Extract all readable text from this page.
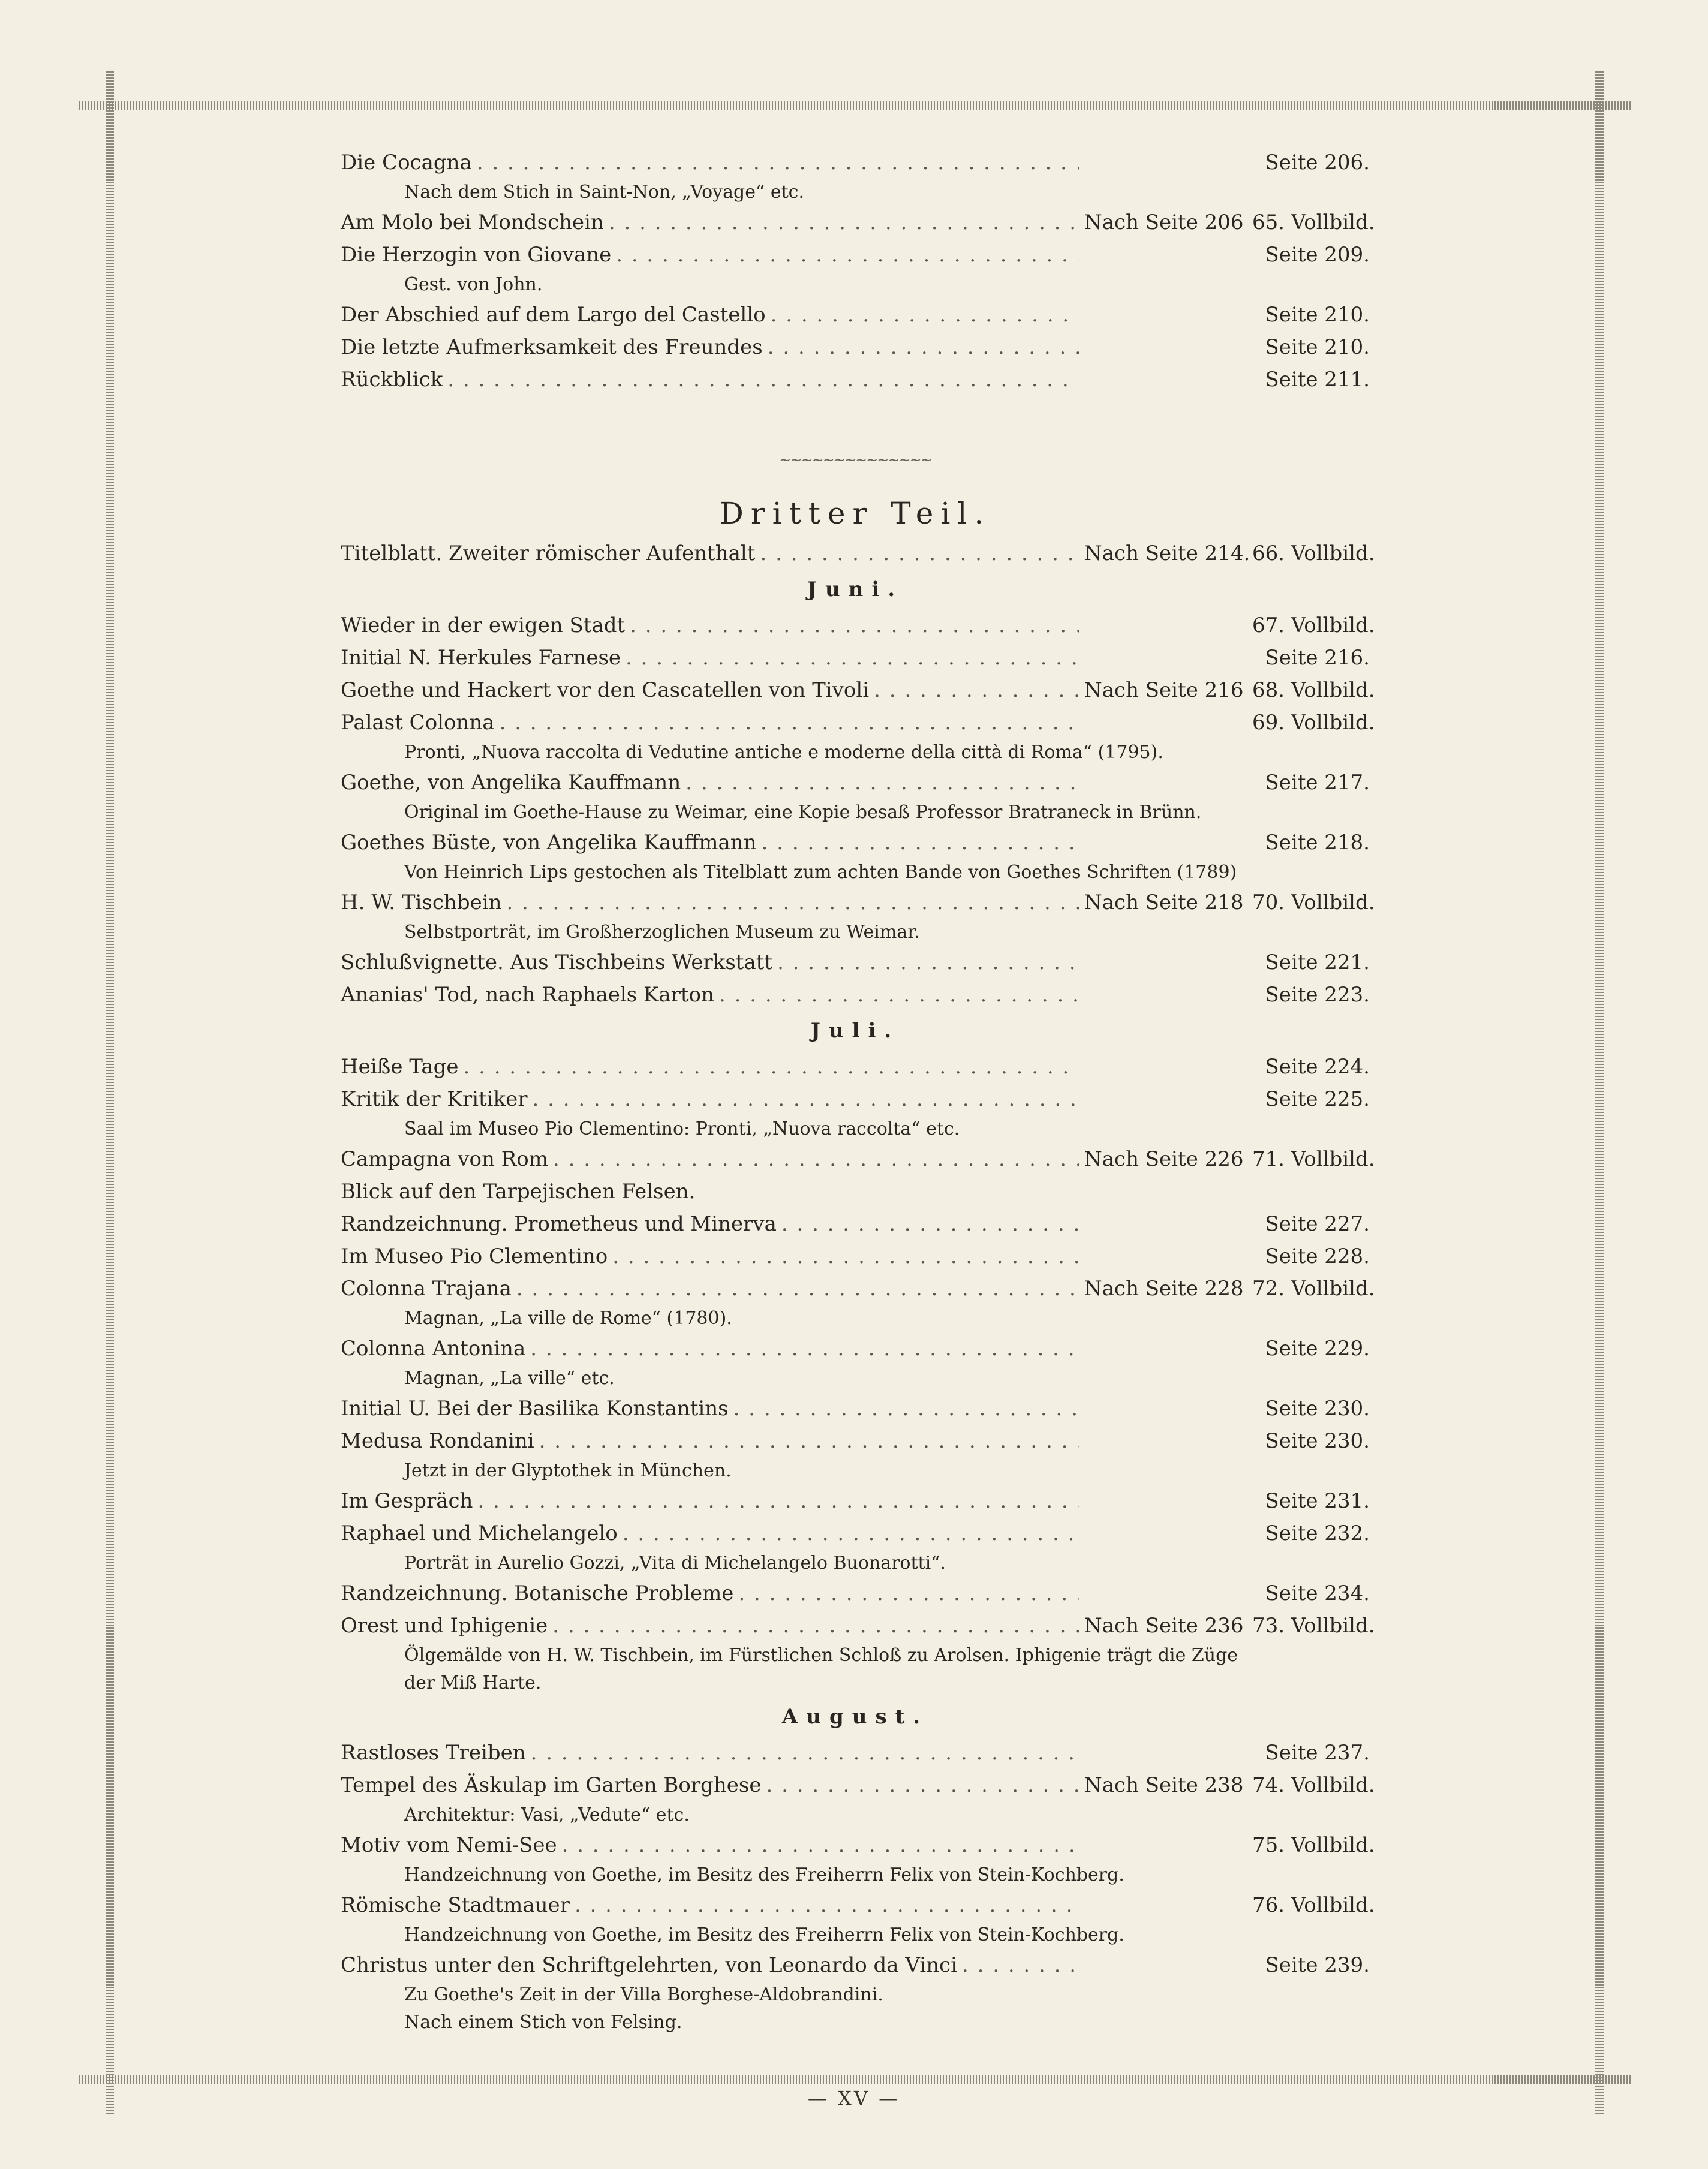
Die Cocagna . . .	Seite 206.
Nach dem Stich in Saint-Non, „Voyage“ etc.
Am Molo bei Mondschein . . .	Nach Seite 206 65. Vollbild.
Die Herzogin von Giovane . . .	Seite 209.
Gest. von John.
Der Abschied auf dem Largo del Castello . . .	Seite 210.
Die letzte Aufmerksamkeit des Freundes . . .	Seite 210.
Rückblick . . .	Seite 211.
~~~~~~~~~~~~~~
Dritter Teil.
Titelblatt. Zweiter römischer Aufenthalt . . .	Nach Seite 214. 66. Vollbild.
Juni.
Wieder in der ewigen Stadt . . .	67. Vollbild.
Initial N. Herkules Farnese . . .	Seite 216.
Goethe und Hackert vor den Cascatellen von Tivoli . . .	Nach Seite 216 68. Vollbild.
Palast Colonna . . .	69. Vollbild.
Pronti, „Nuova raccolta di Vedutine antiche e moderne della città di Roma“ (1795).
Goethe, von Angelika Kauffmann . . .	Seite 217.
Original im Goethe-Hause zu Weimar, eine Kopie besaß Professor Bratraneck in Brünn.
Goethes Büste, von Angelika Kauffmann . . .	Seite 218.
Von Heinrich Lips gestochen als Titelblatt zum achten Bande von Goethes Schriften (1789)
H. W. Tischbein . . .	Nach Seite 218 70. Vollbild.
Selbstporträt, im Großherzoglichen Museum zu Weimar.
Schlußvignette. Aus Tischbeins Werkstatt . . .	Seite 221.
Ananias' Tod, nach Raphaels Karton . . .	Seite 223.
Juli.
Heiße Tage . . .	Seite 224.
Kritik der Kritiker . . .	Seite 225.
Saal im Museo Pio Clementino: Pronti, „Nuova raccolta“ etc.
Campagna von Rom . . .	Nach Seite 226 71. Vollbild.
Blick auf den Tarpejischen Felsen.
Randzeichnung. Prometheus und Minerva . . .	Seite 227.
Im Museo Pio Clementino . . .	Seite 228.
Colonna Trajana . . .	Nach Seite 228 72. Vollbild.
Magnan, „La ville de Rome“ (1780).
Colonna Antonina . . .	Seite 229.
Magnan, „La ville“ etc.
Initial U. Bei der Basilika Konstantins . . .	Seite 230.
Medusa Rondanini . . .	Seite 230.
Jetzt in der Glyptothek in München.
Im Gespräch . . .	Seite 231.
Raphael und Michelangelo . . .	Seite 232.
Porträt in Aurelio Gozzi, „Vita di Michelangelo Buonarotti“.
Randzeichnung. Botanische Probleme . . .	Seite 234.
Orest und Iphigenie . . .	Nach Seite 236 73. Vollbild.
Ölgemälde von H. W. Tischbein, im Fürstlichen Schloß zu Arolsen. Iphigenie trägt die Züge der Miß Harte.
August.
Rastloses Treiben . . .	Seite 237.
Tempel des Äskulap im Garten Borghese . . .	Nach Seite 238 74. Vollbild.
Architektur: Vasi, „Vedute“ etc.
Motiv vom Nemi-See . . .	75. Vollbild.
Handzeichnung von Goethe, im Besitz des Freiherrn Felix von Stein-Kochberg.
Römische Stadtmauer . . .	76. Vollbild.
Handzeichnung von Goethe, im Besitz des Freiherrn Felix von Stein-Kochberg.
Christus unter den Schriftgelehrten, von Leonardo da Vinci . . .	Seite 239.
Zu Goethe's Zeit in der Villa Borghese-Aldobrandini.
Nach einem Stich von Felsing.
— XV —
